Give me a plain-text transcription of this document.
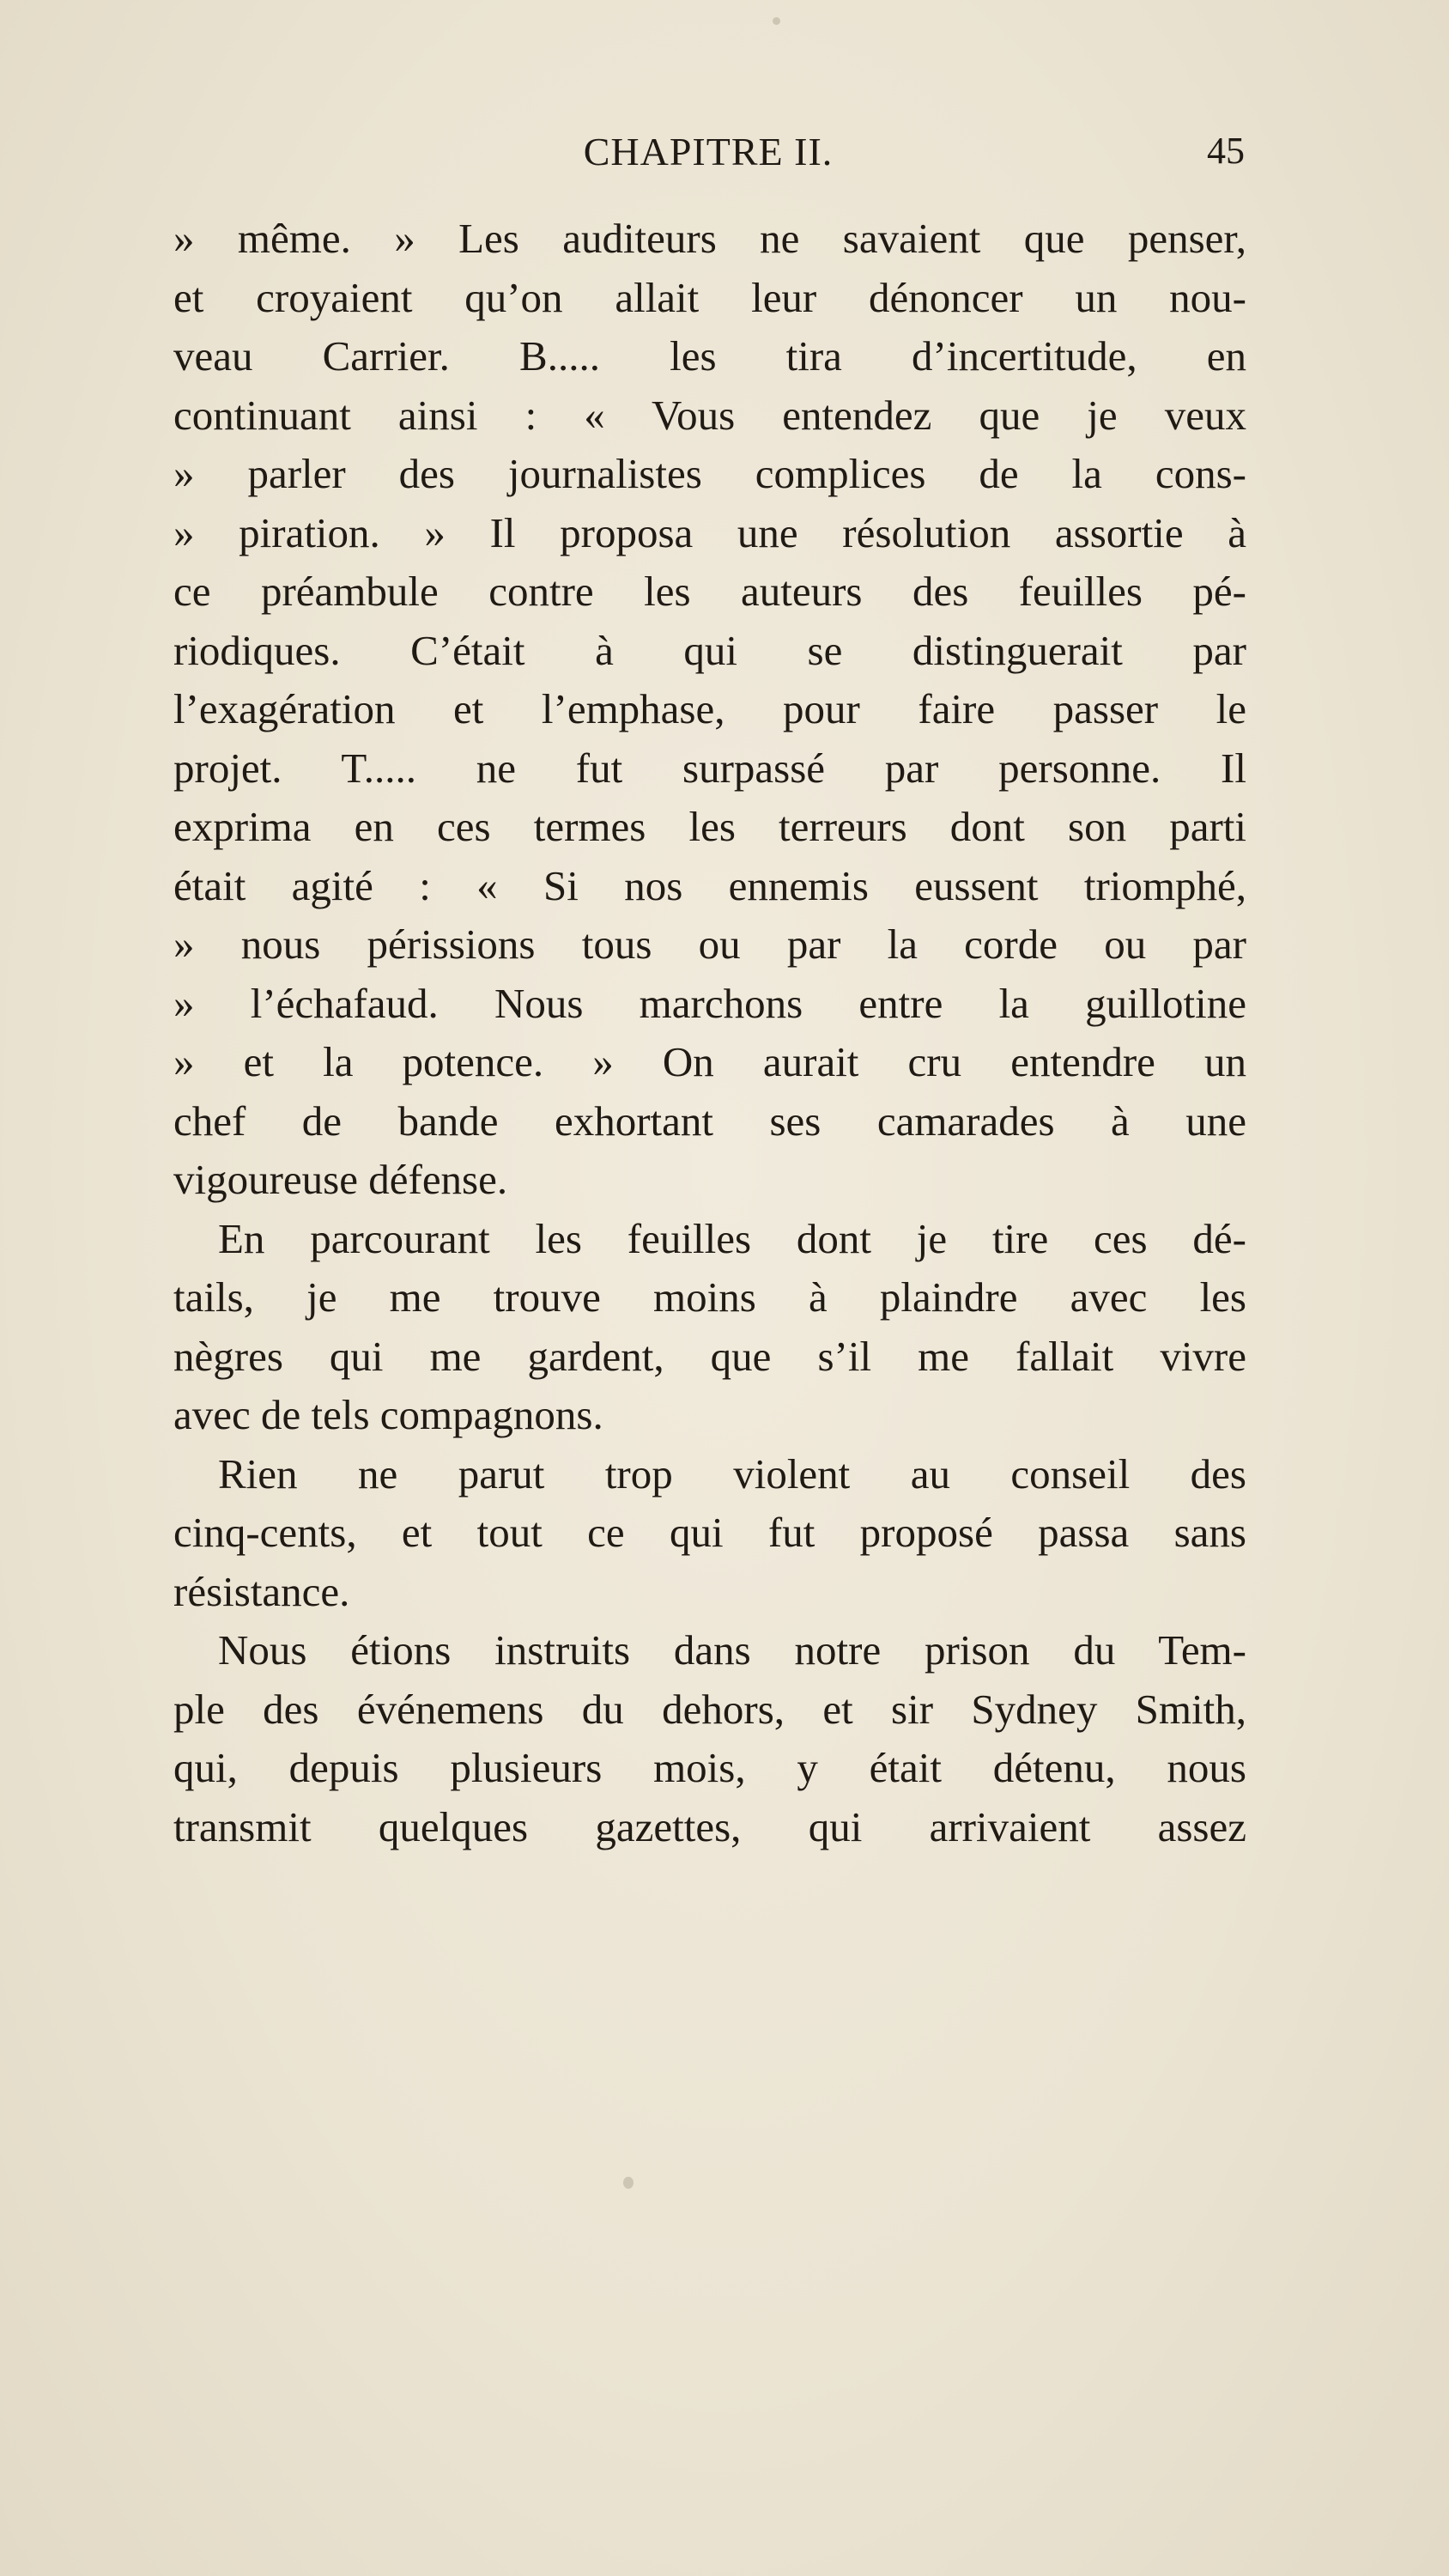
CHAPITRE II.	45
» même. » Les auditeurs ne savaient que penser,
et croyaient qu’on allait leur dénoncer un nou-
veau Carrier. B..... les tira d’incertitude, en
continuant ainsi : « Vous entendez que je veux
» parler des journalistes complices de la cons-
» piration. » Il proposa une résolution assortie à
ce préambule contre les auteurs des feuilles pé-
riodiques. C’était à qui se distinguerait par
l’exagération et l’emphase, pour faire passer le
projet. T..... ne fut surpassé par personne. Il
exprima en ces termes les terreurs dont son parti
était agité : « Si nos ennemis eussent triomphé,
» nous périssions tous ou par la corde ou par
» l’échafaud. Nous marchons entre la guillotine
» et la potence. » On aurait cru entendre un
chef de bande exhortant ses camarades à une
vigoureuse défense.
En parcourant les feuilles dont je tire ces dé-
tails, je me trouve moins à plaindre avec les
nègres qui me gardent, que s’il me fallait vivre
avec de tels compagnons.
Rien ne parut trop violent au conseil des
cinq-cents, et tout ce qui fut proposé passa sans
résistance.
Nous étions instruits dans notre prison du Tem-
ple des événemens du dehors, et sir Sydney Smith,
qui, depuis plusieurs mois, y était détenu, nous
transmit quelques gazettes, qui arrivaient assez
